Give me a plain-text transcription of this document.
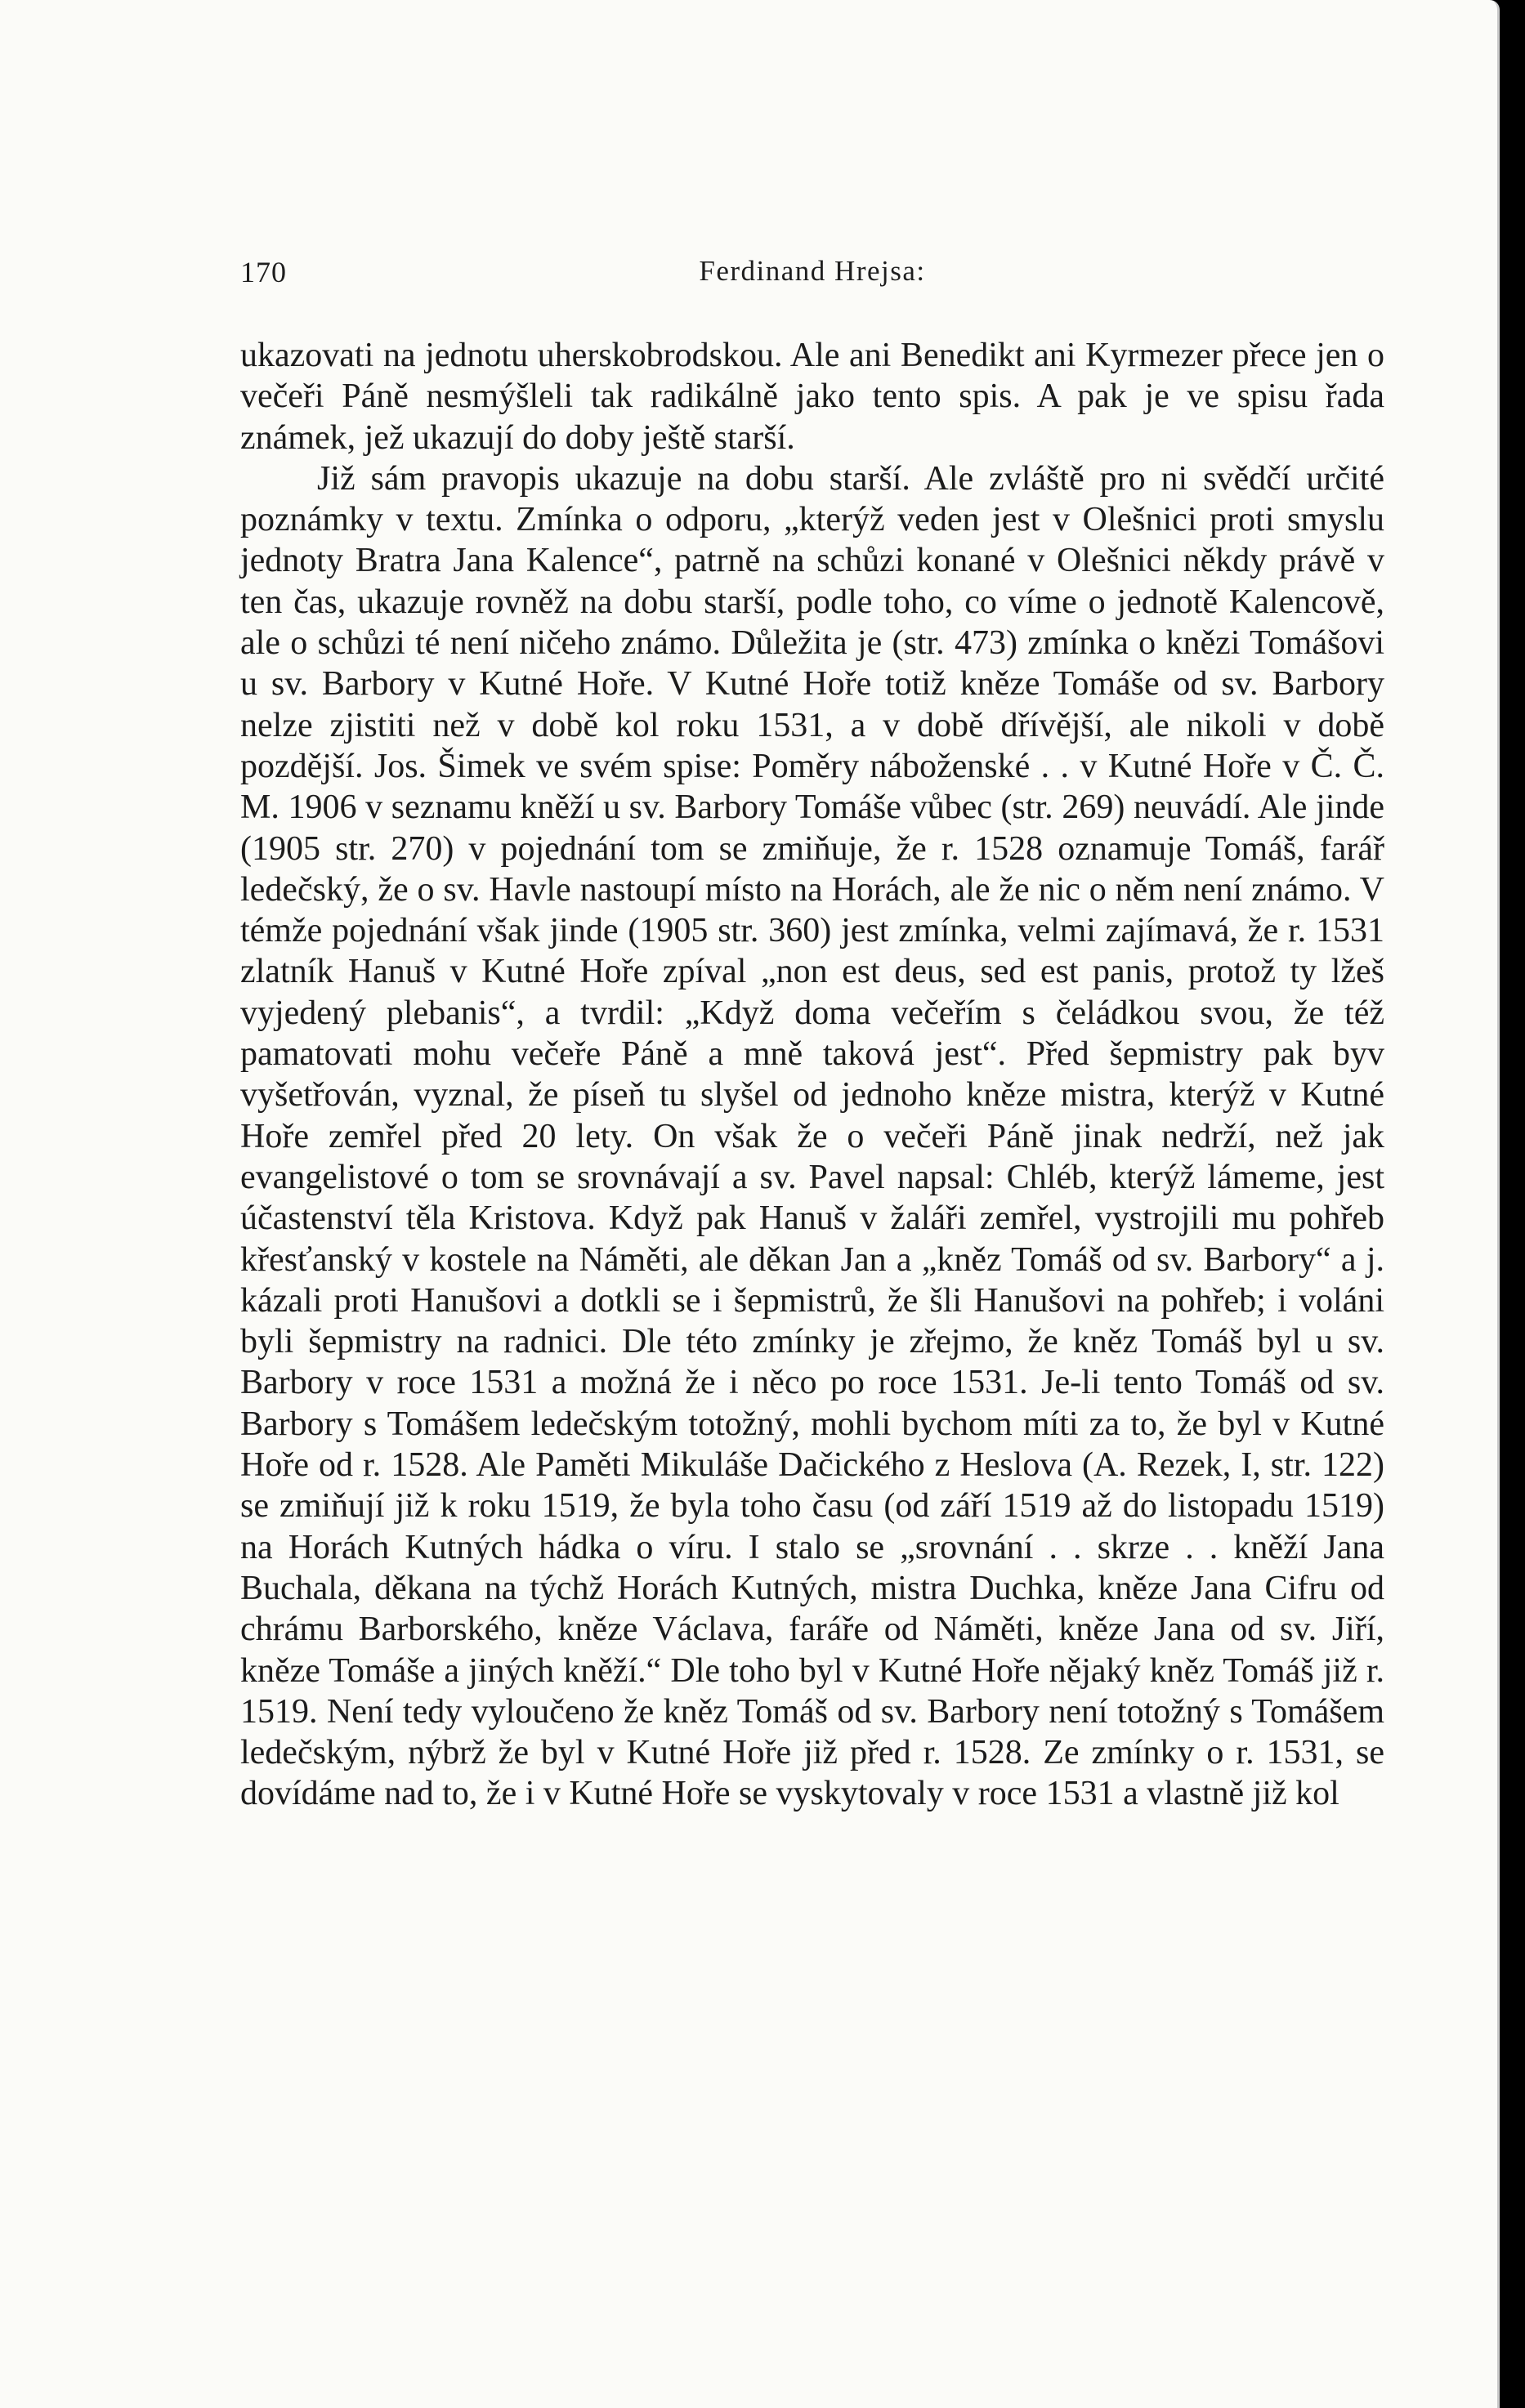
170	Ferdinand Hrejsa:

ukazovati na jednotu uherskobrodskou. Ale ani Benedikt ani Kyrmezer přece jen o večeři Páně nesmýšleli tak radikálně jako tento spis. A pak je ve spisu řada známek, jež ukazují do doby ještě starší.

Již sám pravopis ukazuje na dobu starší. Ale zvláště pro ni svědčí určité poznámky v textu. Zmínka o odporu, „kterýž veden jest v Olešnici proti smyslu jednoty Bratra Jana Kalence“, patrně na schůzi konané v Olešnici někdy právě v ten čas, ukazuje rovněž na dobu starší, podle toho, co víme o jednotě Kalencově, ale o schůzi té není ničeho známo. Důležita je (str. 473) zmínka o knězi Tomášovi u sv. Barbory v Kutné Hoře. V Kutné Hoře totiž kněze Tomáše od sv. Barbory nelze zjistiti než v době kol roku 1531, a v době dřívější, ale nikoli v době pozdější. Jos. Šimek ve svém spise: Poměry náboženské . . v Kutné Hoře v Č. Č. M. 1906 v seznamu kněží u sv. Barbory Tomáše vůbec (str. 269) neuvádí. Ale jinde (1905 str. 270) v pojednání tom se zmiňuje, že r. 1528 oznamuje Tomáš, farář ledečský, že o sv. Havle nastoupí místo na Horách, ale že nic o něm není známo. V témže pojednání však jinde (1905 str. 360) jest zmínka, velmi zajímavá, že r. 1531 zlatník Hanuš v Kutné Hoře zpíval „non est deus, sed est panis, protož ty lžeš vyjedený plebanis“, a tvrdil: „Když doma večeřím s čeládkou svou, že též pamatovati mohu večeře Páně a mně taková jest“. Před šepmistry pak byv vyšetřován, vyznal, že píseň tu slyšel od jednoho kněze mistra, kterýž v Kutné Hoře zemřel před 20 lety. On však že o večeři Páně jinak nedrží, než jak evangelistové o tom se srovnávají a sv. Pavel napsal: Chléb, kterýž lámeme, jest účastenství těla Kristova. Když pak Hanuš v žaláři zemřel, vystrojili mu pohřeb křesťanský v kostele na Náměti, ale děkan Jan a „kněz Tomáš od sv. Barbory“ a j. kázali proti Hanušovi a dotkli se i šepmistrů, že šli Hanušovi na pohřeb; i voláni byli šepmistry na radnici. Dle této zmínky je zřejmo, že kněz Tomáš byl u sv. Barbory v roce 1531 a možná že i něco po roce 1531. Je-li tento Tomáš od sv. Barbory s Tomášem ledečským totožný, mohli bychom míti za to, že byl v Kutné Hoře od r. 1528. Ale Paměti Mikuláše Dačického z Heslova (A. Rezek, I, str. 122) se zmiňují již k roku 1519, že byla toho času (od září 1519 až do listopadu 1519) na Horách Kutných hádka o víru. I stalo se „srovnání . . skrze . . kněží Jana Buchala, děkana na týchž Horách Kutných, mistra Duchka, kněze Jana Cifru od chrámu Barborského, kněze Václava, faráře od Náměti, kněze Jana od sv. Jiří, kněze Tomáše a jiných kněží.“ Dle toho byl v Kutné Hoře nějaký kněz Tomáš již r. 1519. Není tedy vyloučeno že kněz Tomáš od sv. Barbory není totožný s Tomášem ledečským, nýbrž že byl v Kutné Hoře již před r. 1528. Ze zmínky o r. 1531, se dovídáme nad to, že i v Kutné Hoře se vyskytovaly v roce 1531 a vlastně již kol
